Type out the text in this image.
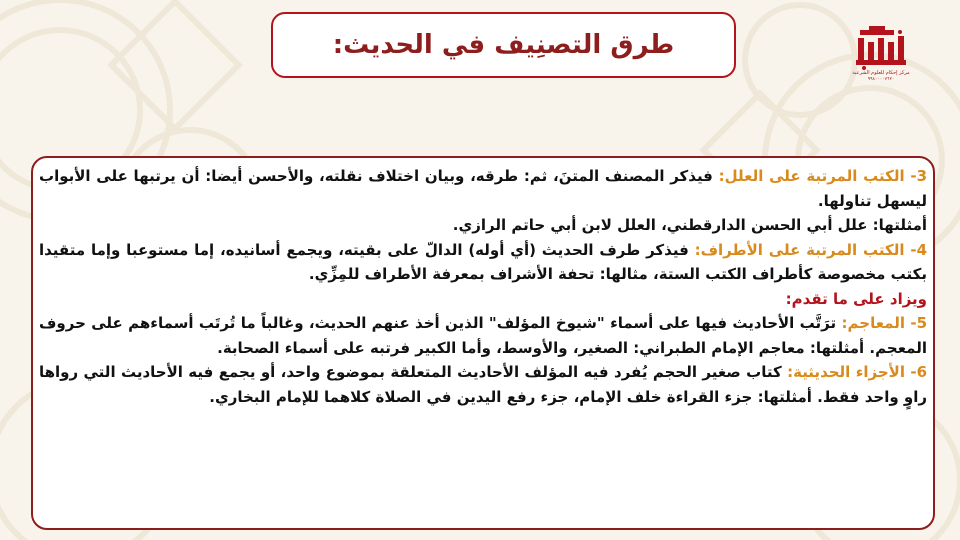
طرق التصنِيف في الحديث:
مركز إحكام للعلوم الشرعية
٩٩٨٠٠٠٠٧٦٢٠

3- الكتب المرتبة على العلل: فيذكر المصنف المتنَ، ثم: طرقه، وبيان اختلاف نقلته، والأحسن أيضا: أن يرتبها على الأبواب ليسهل تناولها.

أمثلتها: علل أبي الحسن الدارقطني، العلل لابن أبي حاتم الرازي.

4- الكتب المرتبة على الأطراف: فيذكر طرف الحديث (أي أوله) الدالّ على بقيته، ويجمع أسانيده، إما مستوعبا وإما متقيدا بكتب مخصوصة كأطراف الكتب الستة، مثالها: تحفة الأشراف بمعرفة الأطراف للمِزِّي.

ويزاد على ما تقدم:

5- المعاجم: ترَتَّب الأحاديث فيها على أسماء "شيوخ المؤلف" الذين أخذ عنهم الحديث، وغالباً ما تُرتَب أسماءهم على حروف المعجم. أمثلتها: معاجم الإمام الطبراني: الصغير، والأوسط، وأما الكبير فرتبه على أسماء الصحابة.

6- الأجزاء الحديثية: كتاب صغير الحجم يُفرد فيه المؤلف الأحاديث المتعلقة بموضوع واحد، أو يجمع فيه الأحاديث التي رواها راوٍ واحد فقط. أمثلتها: جزء القراءة خلف الإمام، جزء رفع اليدين في الصلاة كلاهما للإمام البخاري.
